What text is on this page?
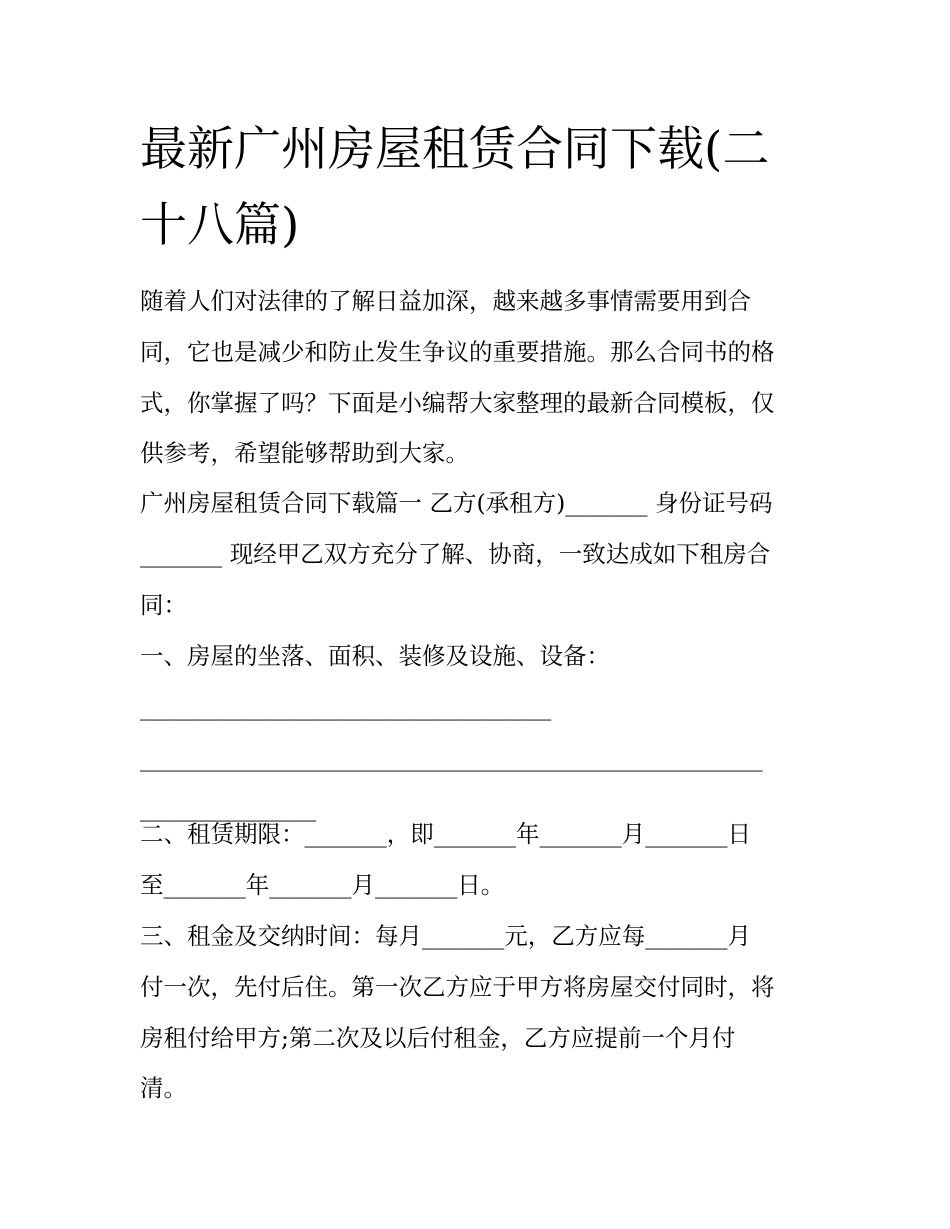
最新广州房屋租赁合同下载(二
十八篇)
随着人们对法律的了解日益加深，越来越多事情需要用到合
同，它也是减少和防止发生争议的重要措施。那么合同书的格
式，你掌握了吗？下面是小编帮大家整理的最新合同模板，仅
供参考，希望能够帮助到大家。
广州房屋租赁合同下载篇一 乙方(承租方)_______ 身份证号码
_______ 现经甲乙双方充分了解、协商，一致达成如下租房合
同：
一、房屋的坐落、面积、装修及设施、设备：
___________________________________
_____________________________________________________
_______________
二、租赁期限：_______，即_______年_______月_______日
至_______年_______月_______日。
三、租金及交纳时间：每月_______元，乙方应每_______月
付一次，先付后住。第一次乙方应于甲方将房屋交付同时，将
房租付给甲方;第二次及以后付租金，乙方应提前一个月付
清。
